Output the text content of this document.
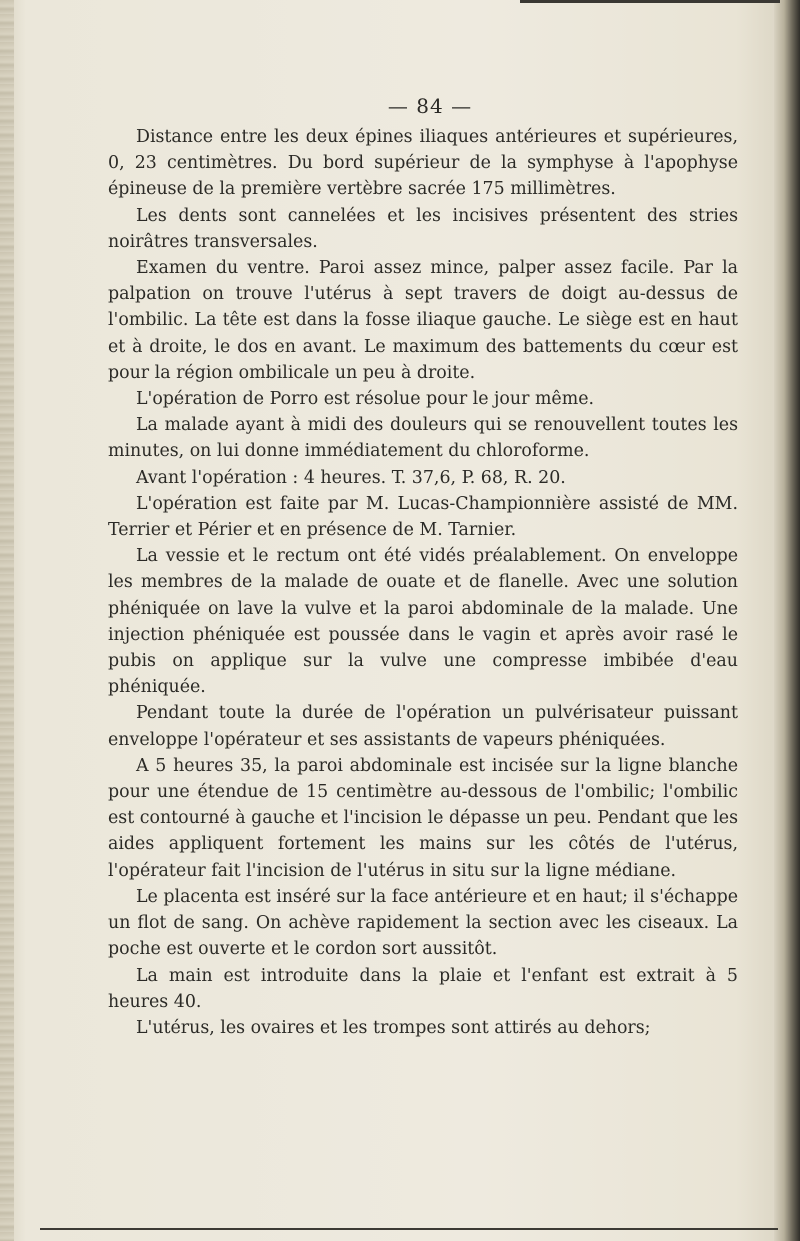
— 84 —

Distance entre les deux épines iliaques antérieures et supérieures, 0, 23 centimètres. Du bord supérieur de la symphyse à l'apophyse épineuse de la première vertèbre sacrée 175 millimètres.

Les dents sont cannelées et les incisives présentent des stries noirâtres transversales.

Examen du ventre. Paroi assez mince, palper assez facile. Par la palpation on trouve l'utérus à sept travers de doigt au-dessus de l'ombilic. La tête est dans la fosse iliaque gauche. Le siège est en haut et à droite, le dos en avant. Le maximum des battements du cœur est pour la région ombilicale un peu à droite.

L'opération de Porro est résolue pour le jour même.

La malade ayant à midi des douleurs qui se renouvellent toutes les minutes, on lui donne immédiatement du chloroforme.

Avant l'opération : 4 heures. T. 37,6, P. 68, R. 20.

L'opération est faite par M. Lucas-Championnière assisté de MM. Terrier et Périer et en présence de M. Tarnier.

La vessie et le rectum ont été vidés préalablement. On enveloppe les membres de la malade de ouate et de flanelle. Avec une solution phéniquée on lave la vulve et la paroi abdominale de la malade. Une injection phéniquée est poussée dans le vagin et après avoir rasé le pubis on applique sur la vulve une compresse imbibée d'eau phéniquée.

Pendant toute la durée de l'opération un pulvérisateur puissant enveloppe l'opérateur et ses assistants de vapeurs phéniquées.

A 5 heures 35, la paroi abdominale est incisée sur la ligne blanche pour une étendue de 15 centimètre au-dessous de l'ombilic; l'ombilic est contourné à gauche et l'incision le dépasse un peu. Pendant que les aides appliquent fortement les mains sur les côtés de l'utérus, l'opérateur fait l'incision de l'utérus in situ sur la ligne médiane.

Le placenta est inséré sur la face antérieure et en haut; il s'échappe un flot de sang. On achève rapidement la section avec les ciseaux. La poche est ouverte et le cordon sort aussitôt.

La main est introduite dans la plaie et l'enfant est extrait à 5 heures 40.

L'utérus, les ovaires et les trompes sont attirés au dehors;
